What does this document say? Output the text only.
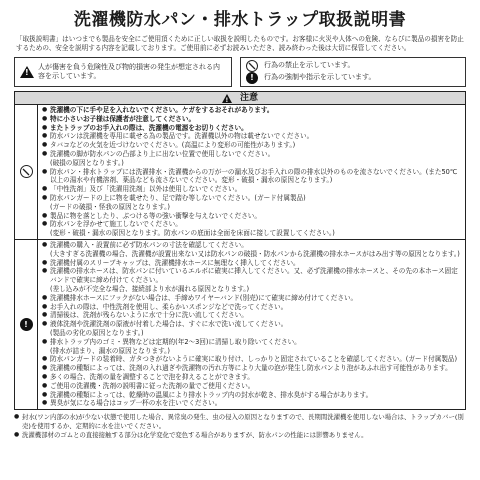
洗濯機防水パン・排水トラップ取扱説明書
「取扱説明書」はいつまでも製品を安全にご使用頂くために正しい取扱を説明したものです。お客様に火災や人体への危険、ならびに製品の損害を防止するための、安全を説明する内容を記載しております。ご使用前に必ずお読みいただき、読み終わった後は大切に保管してください。
!
人が傷害を負う危険性及び物的損害の発生が想定される内容を示しています。
行為の禁止を示しています。
!	行為の強制や指示を示しています。
! 注意
● 洗濯機の下に手や足を入れないでください。ケガをするおそれがあります。
● 特に小さいお子様は保護者が注意してください。
● またトラップのお手入れの際は、洗濯機の電源をお切りください。
● 防水パンは洗濯機を専用に載せる為の製品です。洗濯機以外の物は載せないでください。
● タバコなどの火気を近づけないでください。(高温により変形の可能性があります。)
● 洗濯機の脚が防水パンの凸部より上に出ない位置で使用しないでください。
(破損の原因となります。)
● 防水パン・排水トラップには洗濯排水・洗濯機からの万が一の漏水及びお手入れの際の排水以外のものを流さないでください。(また50℃以上の湯水や有機溶剤、薬品なども流さないでください。変形・破損・漏水の原因となります。)
● 「中性洗剤」及び「洗濯用洗剤」以外は使用しないでください。
● 防水パンガードの上に物を載せたり、足で踏む等しないでください。(ガード付属製品)
(ガードの破損・怪我の原因となります。)
● 製品に物を落としたり、ぶつける等の強い衝撃を与えないでください。
● 防水パンを浮かせて施工しないでください。
(変形・破損・漏水の原因となります。防水パンの底面は全面を床面に接して設置してください。)
!
● 洗濯機の購入・設置前に必ず防水パンの寸法を確認してください。
(大きすぎる洗濯機の場合、洗濯機が設置出来ない又は防水パンの破損・防水パンから洗濯機の排水ホースがはみ出す等の原因となります。)
● 洗濯機付属のスリーブキャップは、洗濯機排水ホースに無理なく挿入してください。
● 洗濯機の排水ホースは、防水パンに付いているエルボに確実に挿入してください。又、必ず洗濯機の排水ホースと、その先の本ホース固定バンドで確実に締め付けてください。
(差し込みが不完全な場合、接続部より水が漏れる原因となります。)
● 洗濯機排水ホースにフックがない場合は、手締めワイヤーバンド(別売)にて確実に締め付けてください。
● お手入れの際は、中性洗剤を使用し、柔らかいスポンジなどで洗ってください。
● 清掃後は、洗剤が残らないように水で十分に洗い流してください。
● 液体洗剤や洗濯洗剤の原液が付着した場合は、すぐに水で洗い流してください。
(製品の劣化の原因となります。)
● 排水トラップ内のゴミ・異物などは定期的(年2〜3回)に清掃し取り除いてください。
(排水が詰まり、漏水の原因となります。)
● 防水パンガードの装着時、ガタつきがないように確実に取り付け、しっかりと固定されていることを確認してください。(ガード付属製品)
● 洗濯機の種類によっては、洗剤の入れ過ぎや洗濯物の汚れ方等により大量の泡が発生し防水パンより泡があふれ出す可能性があります。
● 多くの場合、洗剤の量を調整することで泡を抑えることができます。
● ご使用の洗濯機・洗剤の説明書に従った洗剤の量でご使用ください。
● 洗濯機の種類によっては、乾燥時の温風により排水トラップ内の封水が乾き、排水臭がする場合があります。
● 異臭が気になる場合はコップ一杯の水を注いでください。
● 封水(ワン内部の水)が少ない状態で使用した場合、異常臭の発生、虫の侵入の原因となりますので、長期間洗濯機を使用しない場合は、トラップカバー(別売)を使用するか、定期的に水を注いでください。
● 洗濯機部材のゴムとの直接接触する部分は化学変化で変色する場合がありますが、防水パンの性能には影響ありません。
